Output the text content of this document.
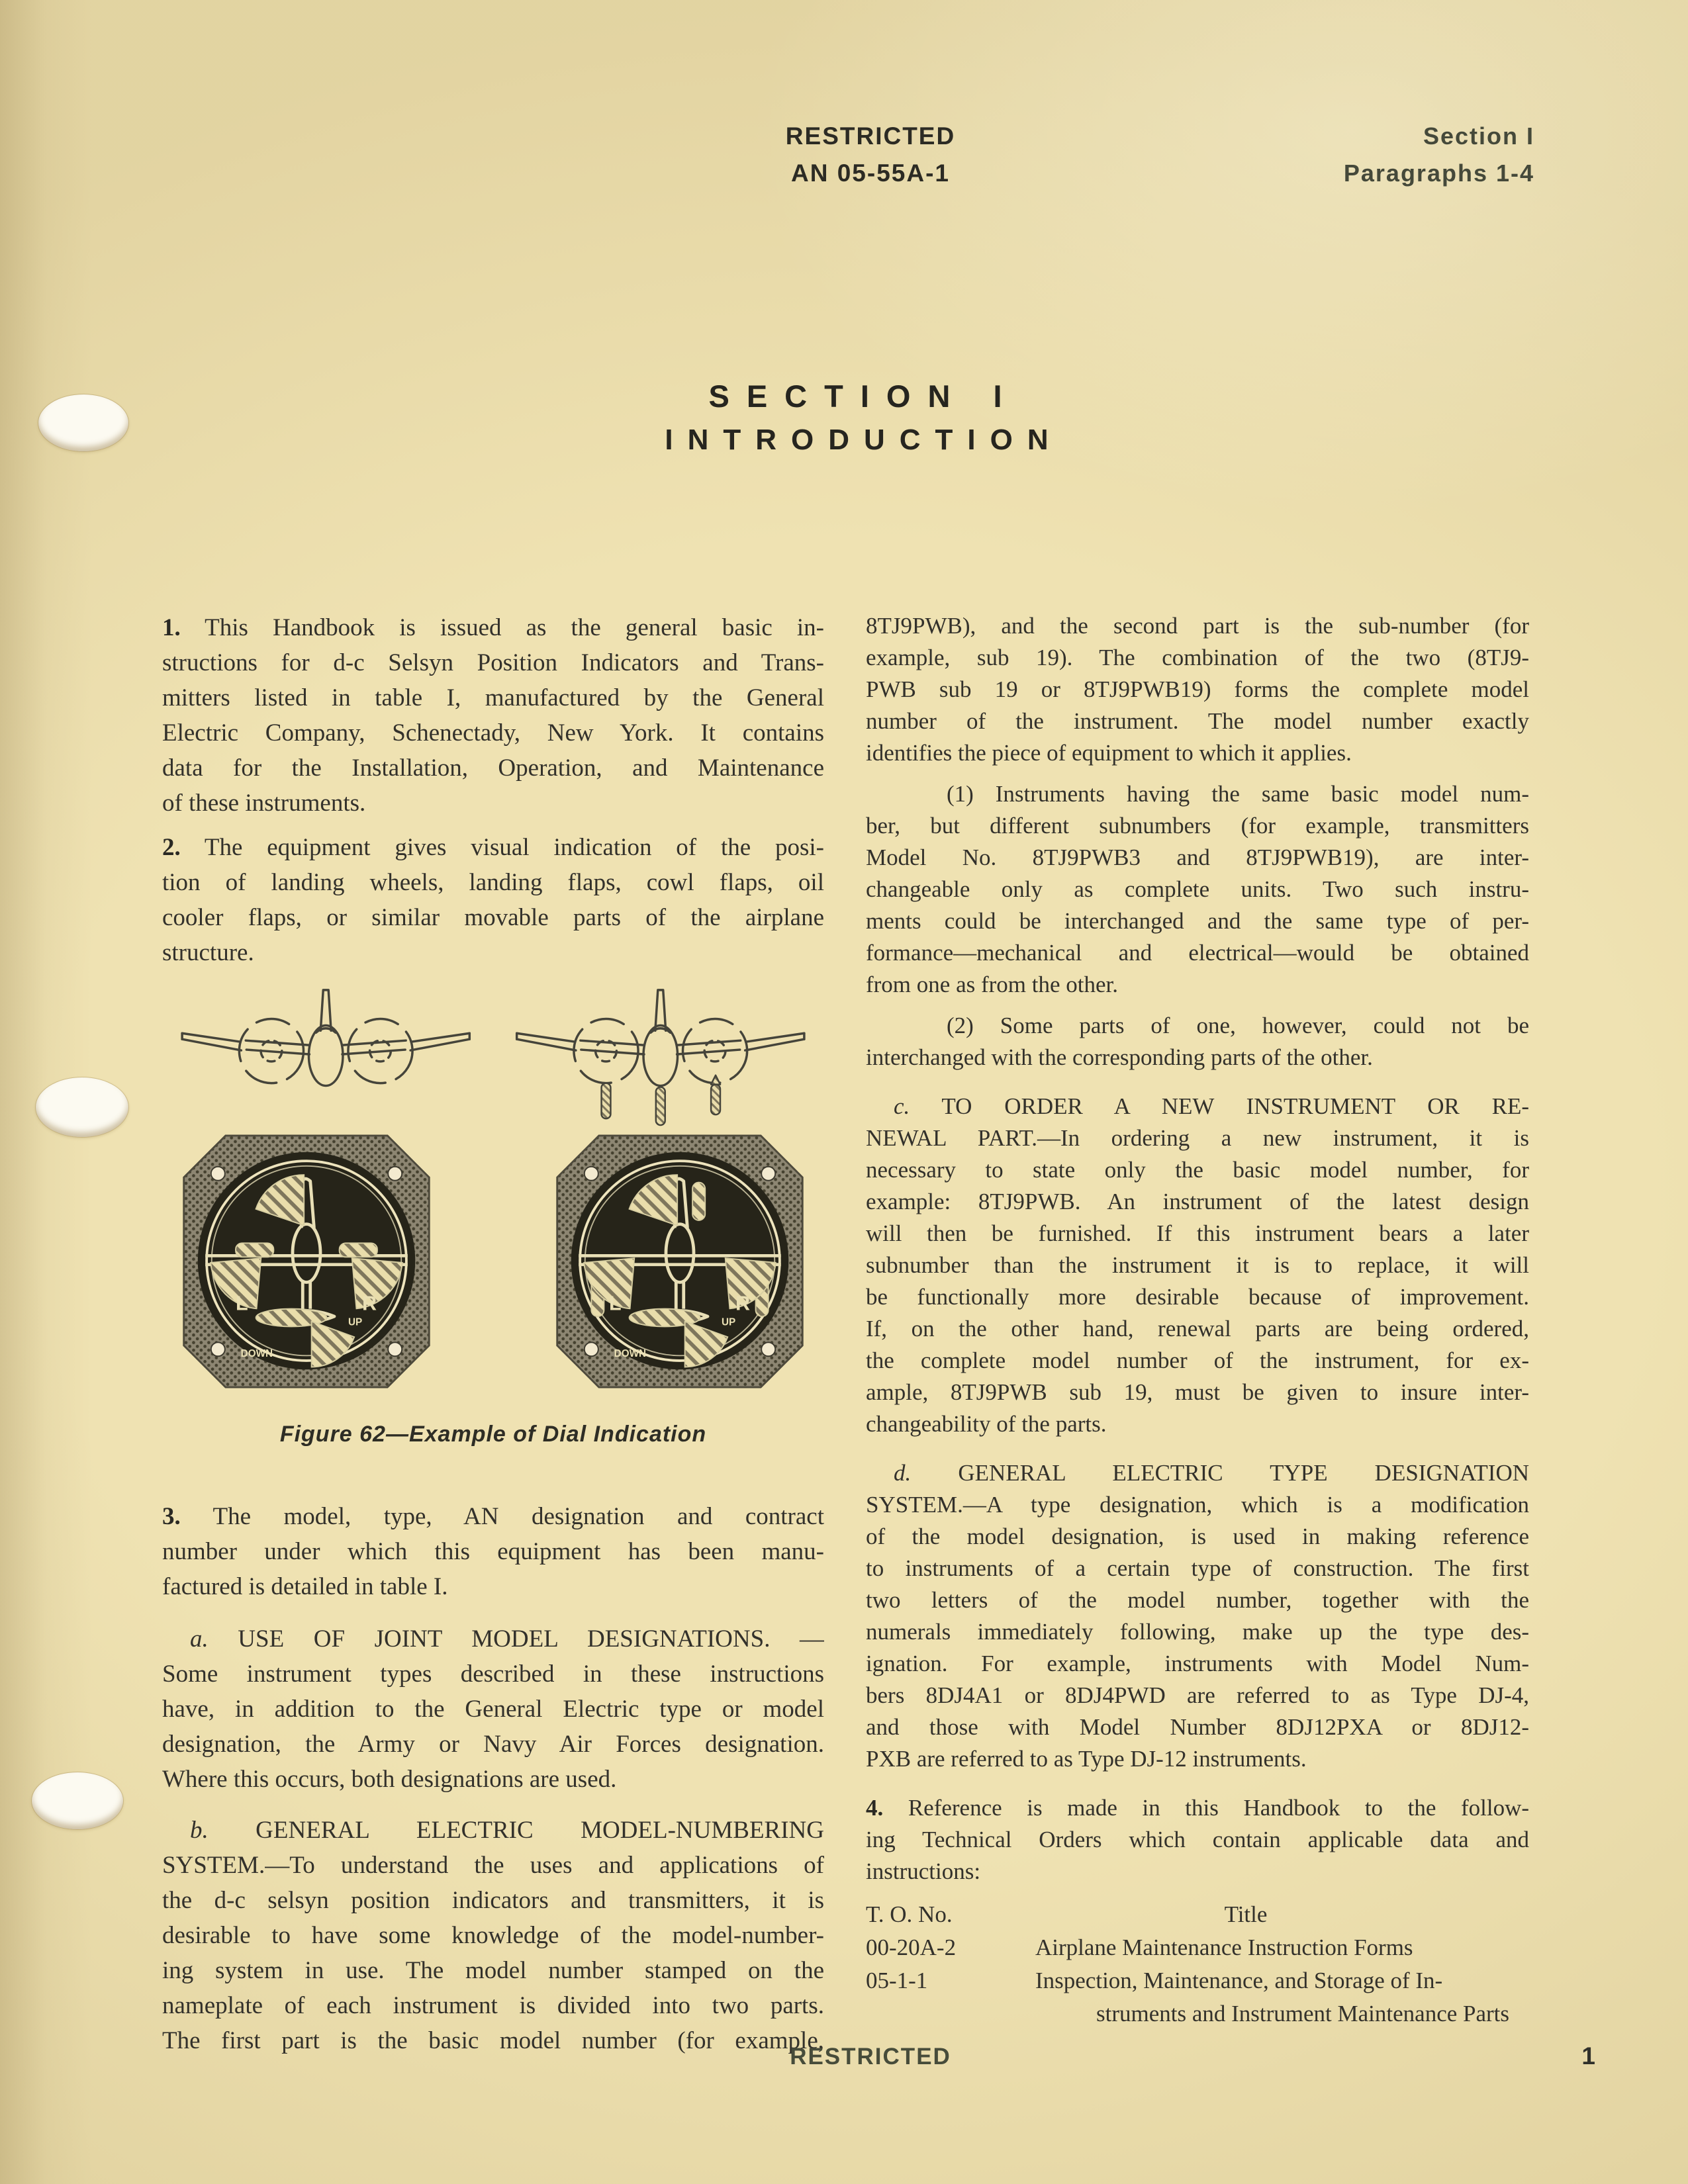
RESTRICTED
AN 05-55A-1
Section I
Paragraphs 1-4
SECTION I
INTRODUCTION
1. This Handbook is issued as the general basic in-
structions for d-c Selsyn Position Indicators and Trans-
mitters listed in table I, manufactured by the General
Electric Company, Schenectady, New York. It contains
data for the Installation, Operation, and Maintenance
of these instruments.
2. The equipment gives visual indication of the posi-
tion of landing wheels, landing flaps, cowl flaps, oil
cooler flaps, or similar movable parts of the airplane
structure.
L	R
UP
DOWN
L	R
UP
DOWN
Figure 62—Example of Dial Indication
3. The model, type, AN designation and contract
number under which this equipment has been manu-
factured is detailed in table I.
a. USE OF JOINT MODEL DESIGNATIONS. —
Some instrument types described in these instructions
have, in addition to the General Electric type or model
designation, the Army or Navy Air Forces designation.
Where this occurs, both designations are used.
b. GENERAL ELECTRIC MODEL-NUMBERING
SYSTEM.—To understand the uses and applications of
the d-c selsyn position indicators and transmitters, it is
desirable to have some knowledge of the model-number-
ing system in use. The model number stamped on the
nameplate of each instrument is divided into two parts.
The first part is the basic model number (for example,
8TJ9PWB), and the second part is the sub-number (for
example, sub 19). The combination of the two (8TJ9-
PWB sub 19 or 8TJ9PWB19) forms the complete model
number of the instrument. The model number exactly
identifies the piece of equipment to which it applies.
(1) Instruments having the same basic model num-
ber, but different subnumbers (for example, transmitters
Model No. 8TJ9PWB3 and 8TJ9PWB19), are inter-
changeable only as complete units. Two such instru-
ments could be interchanged and the same type of per-
formance—mechanical and electrical—would be obtained
from one as from the other.
(2) Some parts of one, however, could not be
interchanged with the corresponding parts of the other.
c. TO ORDER A NEW INSTRUMENT OR RE-
NEWAL PART.—In ordering a new instrument, it is
necessary to state only the basic model number, for
example: 8TJ9PWB. An instrument of the latest design
will then be furnished. If this instrument bears a later
subnumber than the instrument it is to replace, it will
be functionally more desirable because of improvement.
If, on the other hand, renewal parts are being ordered,
the complete model number of the instrument, for ex-
ample, 8TJ9PWB sub 19, must be given to insure inter-
changeability of the parts.
d. GENERAL ELECTRIC TYPE DESIGNATION
SYSTEM.—A type designation, which is a modification
of the model designation, is used in making reference
to instruments of a certain type of construction. The first
two letters of the model number, together with the
numerals immediately following, make up the type des-
ignation. For example, instruments with Model Num-
bers 8DJ4A1 or 8DJ4PWD are referred to as Type DJ-4,
and those with Model Number 8DJ12PXA or 8DJ12-
PXB are referred to as Type DJ-12 instruments.
4. Reference is made in this Handbook to the follow-
ing Technical Orders which contain applicable data and
instructions:
T. O. No.	Title
00-20A-2	Airplane Maintenance Instruction Forms
05-1-1	Inspection, Maintenance, and Storage of In-
struments and Instrument Maintenance Parts
RESTRICTED	1
